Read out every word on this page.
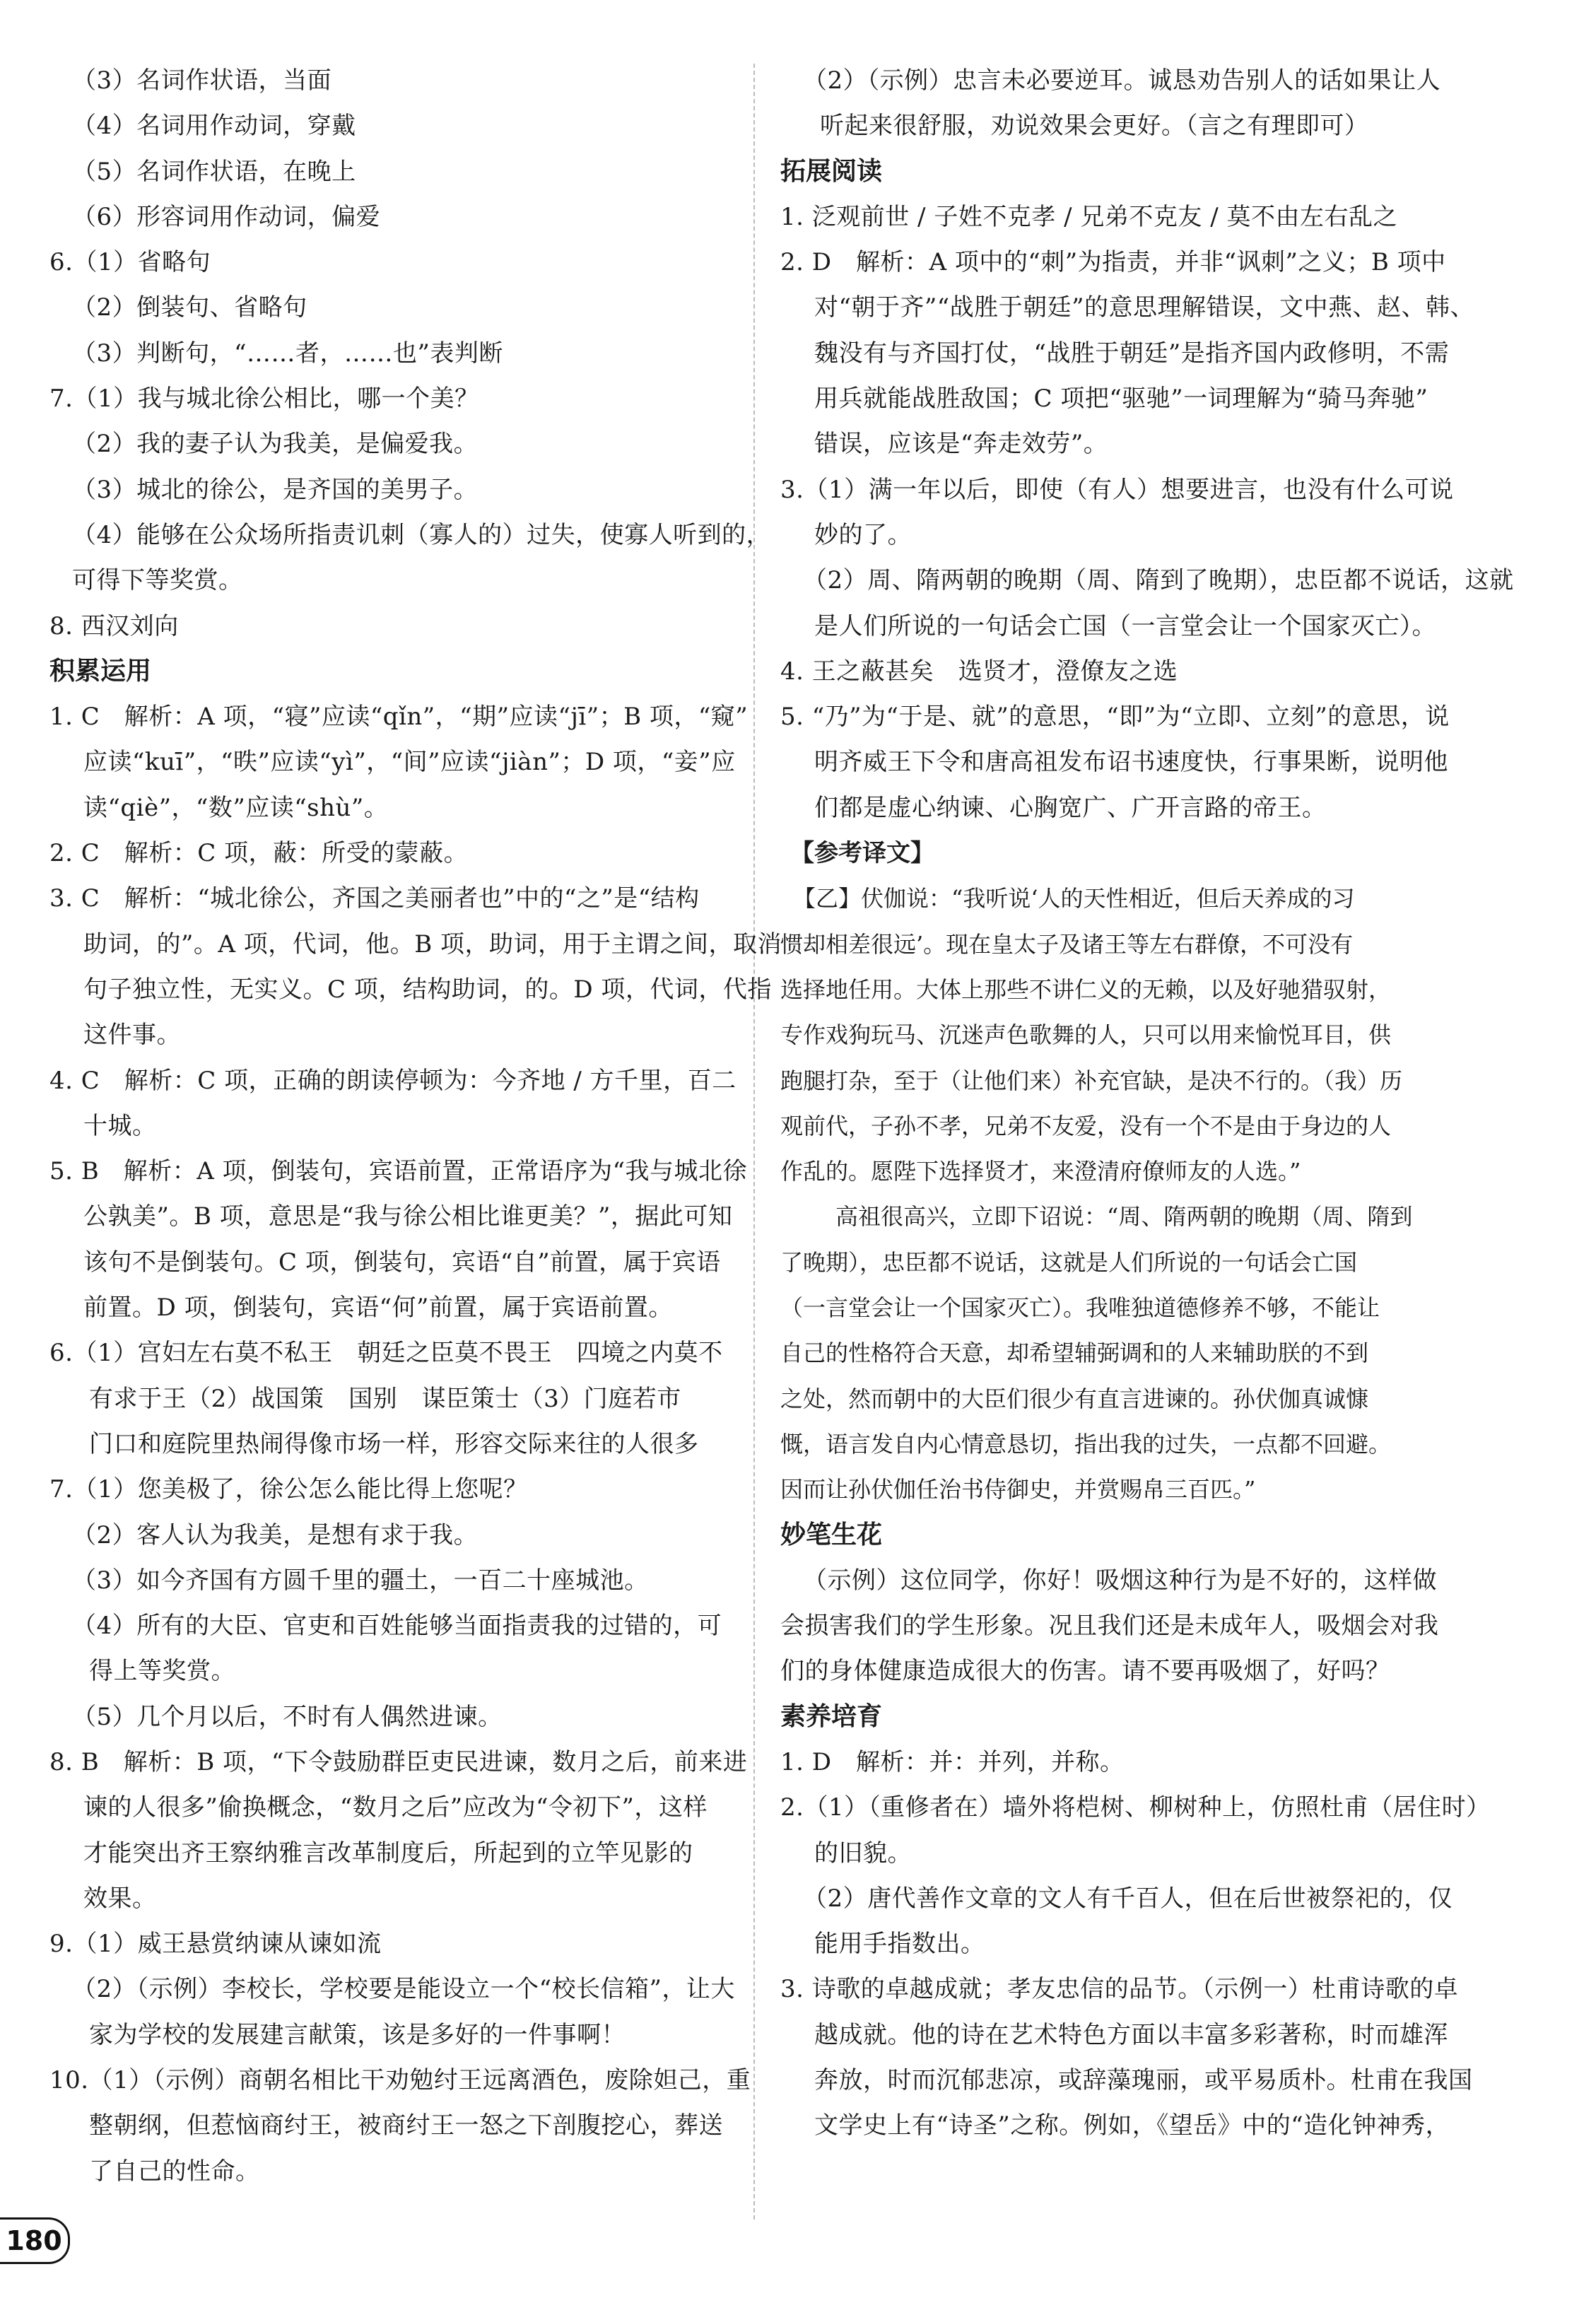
（3）名词作状语，当面
（4）名词用作动词，穿戴
（5）名词作状语，在晚上
（6）形容词用作动词，偏爱
6.（1）省略句
（2）倒装句、省略句
（3）判断句，“……者，……也”表判断
7.（1）我与城北徐公相比，哪一个美？
（2）我的妻子认为我美，是偏爱我。
（3）城北的徐公，是齐国的美男子。
（4）能够在公众场所指责讥刺（寡人的）过失，使寡人听到的，
可得下等奖赏。
8. 西汉刘向
积累运用
1. C　解析：A 项，“寝”应读“qǐn”，“期”应读“jī”；B 项，“窥”
应读“kuī”，“昳”应读“yì”，“间”应读“jiàn”；D 项，“妾”应
读“qiè”，“数”应读“shù”。
2. C　解析：C 项，蔽：所受的蒙蔽。
3. C　解析：“城北徐公，齐国之美丽者也”中的“之”是“结构
助词，的”。A 项，代词，他。B 项，助词，用于主谓之间，取消
句子独立性，无实义。C 项，结构助词，的。D 项，代词，代指
这件事。
4. C　解析：C 项，正确的朗读停顿为：今齐地 / 方千里，百二
十城。
5. B　解析：A 项，倒装句，宾语前置，正常语序为“我与城北徐
公孰美”。B 项，意思是“我与徐公相比谁更美？”，据此可知
该句不是倒装句。C 项，倒装句，宾语“自”前置，属于宾语
前置。D 项，倒装句，宾语“何”前置，属于宾语前置。
6.（1）宫妇左右莫不私王　朝廷之臣莫不畏王　四境之内莫不
有求于王（2）战国策　国别　谋臣策士（3）门庭若市
门口和庭院里热闹得像市场一样，形容交际来往的人很多
7.（1）您美极了，徐公怎么能比得上您呢？
（2）客人认为我美，是想有求于我。
（3）如今齐国有方圆千里的疆土，一百二十座城池。
（4）所有的大臣、官吏和百姓能够当面指责我的过错的，可
得上等奖赏。
（5）几个月以后，不时有人偶然进谏。
8. B　解析：B 项，“下令鼓励群臣吏民进谏，数月之后，前来进
谏的人很多”偷换概念，“数月之后”应改为“令初下”，这样
才能突出齐王察纳雅言改革制度后，所起到的立竿见影的
效果。
9.（1）威王悬赏纳谏从谏如流
（2）（示例）李校长，学校要是能设立一个“校长信箱”，让大
家为学校的发展建言献策，该是多好的一件事啊！
10.（1）（示例）商朝名相比干劝勉纣王远离酒色，废除妲己，重
整朝纲，但惹恼商纣王，被商纣王一怒之下剖腹挖心，葬送
了自己的性命。
（2）（示例）忠言未必要逆耳。诚恳劝告别人的话如果让人
听起来很舒服，劝说效果会更好。（言之有理即可）
拓展阅读
1. 泛观前世 / 子姓不克孝 / 兄弟不克友 / 莫不由左右乱之
2. D　解析：A 项中的“刺”为指责，并非“讽刺”之义；B 项中
对“朝于齐”“战胜于朝廷”的意思理解错误，文中燕、赵、韩、
魏没有与齐国打仗，“战胜于朝廷”是指齐国内政修明，不需
用兵就能战胜敌国；C 项把“驱驰”一词理解为“骑马奔驰”
错误，应该是“奔走效劳”。
3.（1）满一年以后，即使（有人）想要进言，也没有什么可说
妙的了。
（2）周、隋两朝的晚期（周、隋到了晚期），忠臣都不说话，这就
是人们所说的一句话会亡国（一言堂会让一个国家灭亡）。
4. 王之蔽甚矣　选贤才，澄僚友之选
5. “乃”为“于是、就”的意思，“即”为“立即、立刻”的意思，说
明齐威王下令和唐高祖发布诏书速度快，行事果断，说明他
们都是虚心纳谏、心胸宽广、广开言路的帝王。
【参考译文】
【乙】伏伽说：“我听说‘人的天性相近，但后天养成的习
惯却相差很远’。现在皇太子及诸王等左右群僚，不可没有
选择地任用。大体上那些不讲仁义的无赖，以及好驰猎驭射，
专作戏狗玩马、沉迷声色歌舞的人，只可以用来愉悦耳目，供
跑腿打杂，至于（让他们来）补充官缺，是决不行的。（我）历
观前代，子孙不孝，兄弟不友爱，没有一个不是由于身边的人
作乱的。愿陛下选择贤才，来澄清府僚师友的人选。”
高祖很高兴，立即下诏说：“周、隋两朝的晚期（周、隋到
了晚期），忠臣都不说话，这就是人们所说的一句话会亡国
（一言堂会让一个国家灭亡）。我唯独道德修养不够，不能让
自己的性格符合天意，却希望辅弼调和的人来辅助朕的不到
之处，然而朝中的大臣们很少有直言进谏的。孙伏伽真诚慷
慨，语言发自内心情意恳切，指出我的过失，一点都不回避。
因而让孙伏伽任治书侍御史，并赏赐帛三百匹。”
妙笔生花
（示例）这位同学，你好！吸烟这种行为是不好的，这样做
会损害我们的学生形象。况且我们还是未成年人，吸烟会对我
们的身体健康造成很大的伤害。请不要再吸烟了，好吗？
素养培育
1. D　解析：并：并列，并称。
2.（1）（重修者在）墙外将桤树、柳树种上，仿照杜甫（居住时）
的旧貌。
（2）唐代善作文章的文人有千百人，但在后世被祭祀的，仅
能用手指数出。
3. 诗歌的卓越成就；孝友忠信的品节。（示例一）杜甫诗歌的卓
越成就。他的诗在艺术特色方面以丰富多彩著称，时而雄浑
奔放，时而沉郁悲凉，或辞藻瑰丽，或平易质朴。杜甫在我国
文学史上有“诗圣”之称。例如，《望岳》中的“造化钟神秀，
180
